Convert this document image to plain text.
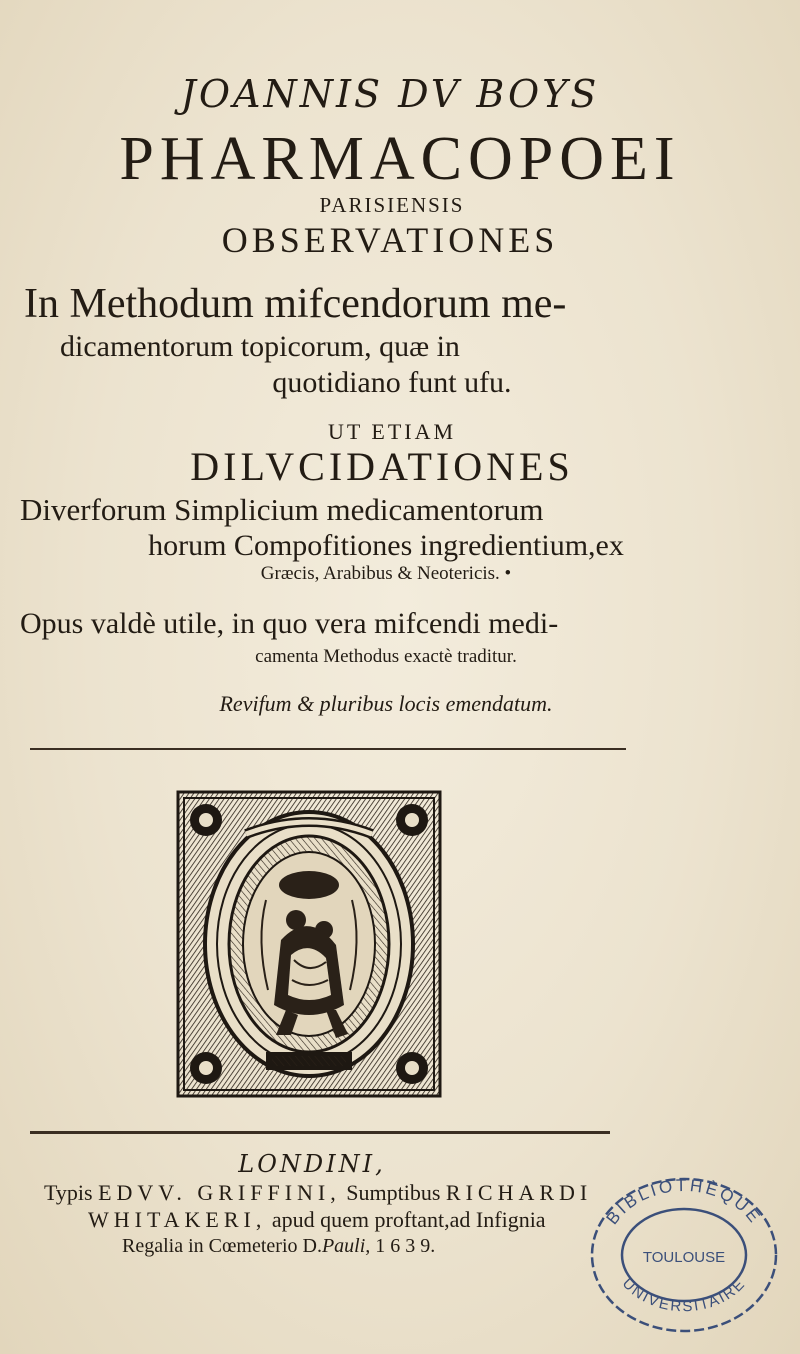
JOANNIS DV BOYS
PHARMACOPOEI
PARISIENSIS
OBSERVATIONES
In Methodum mifcendorum me-
dicamentorum topicorum, quæ in
quotidiano funt ufu.
UT ETIAM
DILVCIDATIONES
Diverforum Simplicium medicamentorum
horum Compofitiones ingredientium,ex
Græcis, Arabibus & Neotericis. •
Opus valdè utile, in quo vera mifcendi medi-
camenta Methodus exactè traditur.
Revifum & pluribus locis emendatum.
LONDINI,
Typis EDVV. GRIFFINI, Sumptibus RICHARDI
WHITAKERI, apud quem proftant,ad Infignia
Regalia in Cœmeterio D.Pauli, 1 6 3 9.
BIBLIOTHÈQUE
TOULOUSE
UNIVERSITAIRE
